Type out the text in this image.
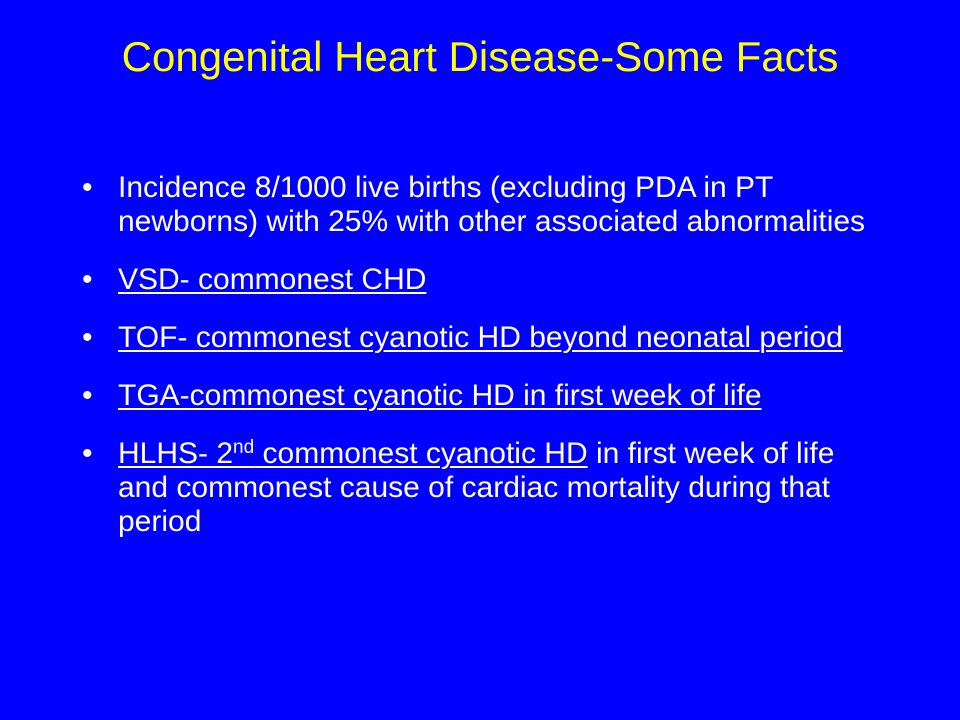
Congenital Heart Disease-Some Facts
• Incidence 8/1000 live births (excluding PDA in PT newborns) with 25% with other associated abnormalities
• VSD- commonest CHD
• TOF- commonest cyanotic HD beyond neonatal period
• TGA-commonest cyanotic HD in first week of life
• HLHS- 2nd commonest cyanotic HD in first week of life and commonest cause of cardiac mortality during that period
